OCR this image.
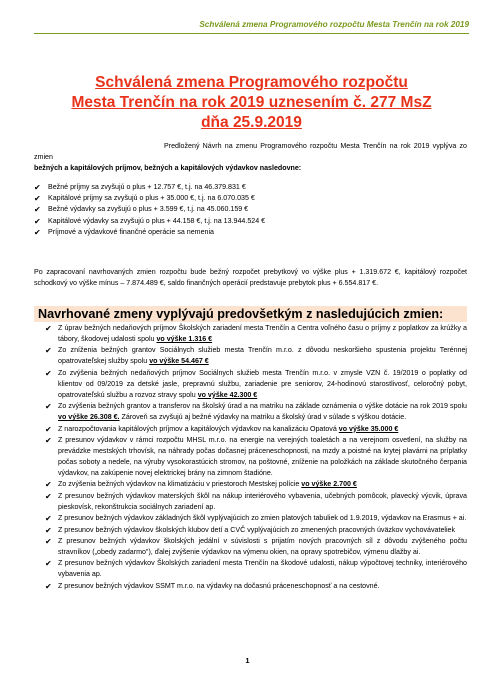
Schválená zmena Programového rozpočtu Mesta Trenčín na rok 2019
Schválená zmena Programového rozpočtu
Mesta Trenčín na rok 2019 uznesením č. 277 MsZ
dňa 25.9.2019
Predložený Návrh na zmenu Programového rozpočtu Mesta Trenčín na rok 2019 vyplýva zo zmien
bežných a kapitálových príjmov, bežných a kapitálových výdavkov nasledovne:
✔	Bežné príjmy sa zvyšujú o plus + 12.757 €, t.j. na 46.379.831 €
✔	Kapitálové príjmy sa zvyšujú o plus + 35.000 €, t.j. na 6.070.035 €
✔	Bežné výdavky sa zvyšujú o plus + 3.599 €, t.j. na 45.060.159 €
✔	Kapitálové výdavky sa zvyšujú o plus + 44.158 €, t.j. na 13.944.524 €
✔	Príjmové a výdavkové finančné operácie sa nemenia
Po zapracovaní navrhovaných zmien rozpočtu bude bežný rozpočet prebytkový vo výške plus + 1.319.672 €, kapitálový rozpočet schodkový vo výške mínus – 7.874.489 €, saldo finančných operácií predstavuje prebytok plus + 6.554.817 €.
Navrhované zmeny vyplývajú predovšetkým z nasledujúcich zmien:
✔ Z úprav bežných nedaňových príjmov Školských zariadení mesta Trenčín a Centra voľného času o príjmy z poplatkov za krúžky a tábory, škodovej udalosti spolu vo výške 1.316 €
✔ Zo zníženia bežných grantov Sociálnych služieb mesta Trenčín m.r.o. z dôvodu neskoršieho spustenia projektu Terénnej opatrovateľskej služby spolu vo výške 54.467 €
✔ Zo zvýšenia bežných nedaňových príjmov Sociálnych služieb mesta Trenčín m.r.o. v zmysle VZN č. 19/2019 o poplatky od klientov od 09/2019 za detské jasle, prepravnú službu, zariadenie pre seniorov, 24-hodinovú starostlivosť, celoročný pobyt, opatrovateľskú službu a rozvoz stravy spolu vo výške 42.300 €
✔ Zo zvýšenia bežných grantov a transferov na školský úrad a na matriku na základe oznámenia o výške dotácie na rok 2019 spolu vo výške 26.308 €. Zároveň sa zvyšujú aj bežné výdavky na matriku a školský úrad v súlade s výškou dotácie.
✔ Z narozpočtovania kapitálových príjmov a kapitálových výdavkov na kanalizáciu Opatová vo výške 35.000 €
✔ Z presunov výdavkov v rámci rozpočtu MHSL m.r.o. na energie na verejných toaletách a na verejnom osvetlení, na služby na prevádzke mestských trhovísk, na náhrady počas dočasnej práceneschopnosti, na mzdy a poistné na krytej plavárni na príplatky počas soboty a nedele, na výruby vysokorastúcich stromov, na poštovné, zníženie na položkách na základe skutočného čerpania výdavkov, na zakúpenie novej elektrickej brány na zimnom štadióne.
✔ Zo zvýšenia bežných výdavkov na klimatizáciu v priestoroch Mestskej polície vo výške 2.700 €
✔ Z presunov bežných výdavkov materských škôl na nákup interiérového vybavenia, učebných pomôcok, plavecký výcvik, úprava pieskovísk, rekonštrukcia sociálnych zariadení ap.
✔ Z presunov bežných výdavkov základných škôl vyplývajúcich zo zmien platových tabuliek od 1.9.2019, výdavkov na Erasmus + ai.
✔ Z presunov bežných výdavkov školských klubov detí a CVČ vyplývajúcich zo zmenených pracovných úväzkov vychovávateliek
✔ Z presunov bežných výdavkov školských jedální v súvislosti s prijatím nových pracovných síl z dôvodu zvýšeného počtu stravníkov („obedy zadarmo"), ďalej zvýšenie výdavkov na výmenu okien, na opravy spotrebičov, výmenu dlažby ai.
✔ Z presunov bežných výdavkov Školských zariadení mesta Trenčín na škodové udalosti, nákup výpočtovej techniky, interiérového vybavenia ap.
✔ Z presunov bežných výdavkov SSMT m.r.o. na výdavky na dočasnú práceneschopnosť a na cestovné.
1
